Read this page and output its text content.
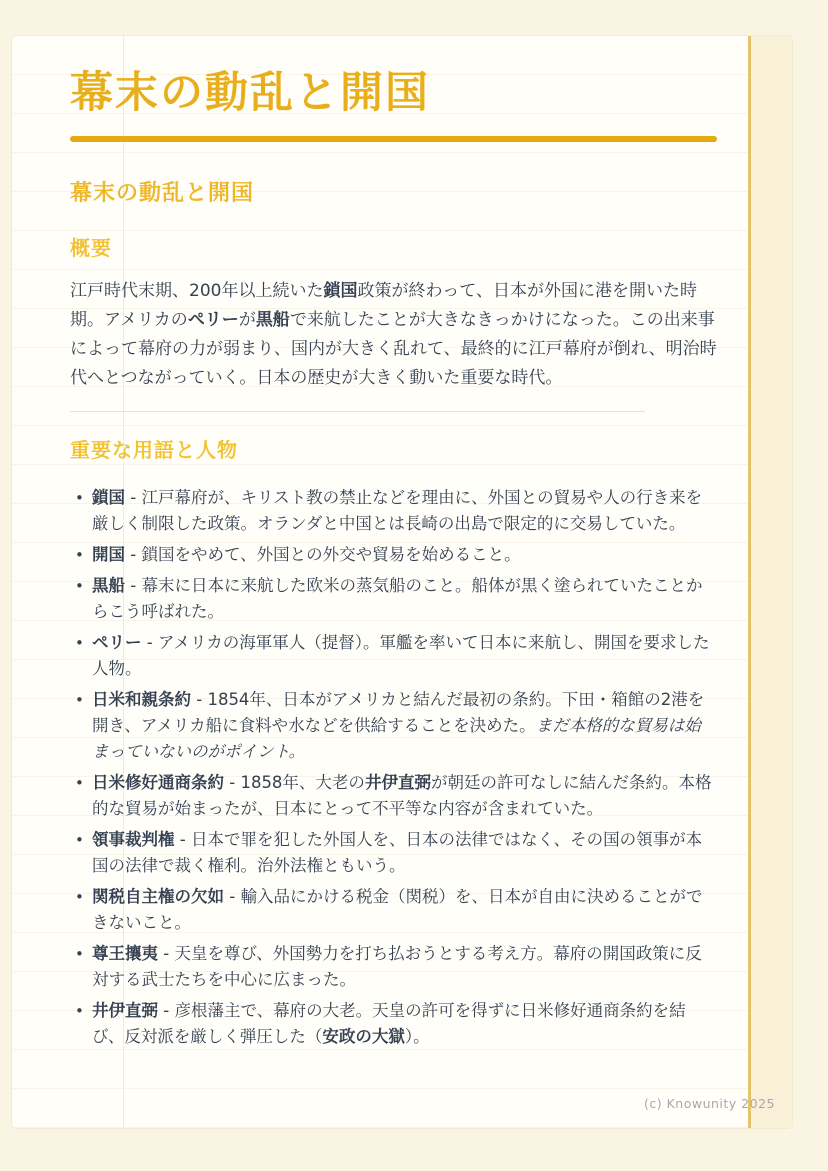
幕末の動乱と開国
幕末の動乱と開国
概要

江戸時代末期、200年以上続いた鎖国政策が終わって、日本が外国に港を開いた時期。アメリカのペリーが黒船で来航したことが大きなきっかけになった。この出来事によって幕府の力が弱まり、国内が大きく乱れて、最終的に江戸幕府が倒れ、明治時代へとつながっていく。日本の歴史が大きく動いた重要な時代。

重要な用語と人物
• 鎖国 - 江戸幕府が、キリスト教の禁止などを理由に、外国との貿易や人の行き来を厳しく制限した政策。オランダと中国とは長崎の出島で限定的に交易していた。
• 開国 - 鎖国をやめて、外国との外交や貿易を始めること。
• 黒船 - 幕末に日本に来航した欧米の蒸気船のこと。船体が黒く塗られていたことからこう呼ばれた。
• ペリー - アメリカの海軍軍人（提督）。軍艦を率いて日本に来航し、開国を要求した人物。
• 日米和親条約 - 1854年、日本がアメリカと結んだ最初の条約。下田・箱館の2港を開き、アメリカ船に食料や水などを供給することを決めた。まだ本格的な貿易は始まっていないのがポイント。
• 日米修好通商条約 - 1858年、大老の井伊直弼が朝廷の許可なしに結んだ条約。本格的な貿易が始まったが、日本にとって不平等な内容が含まれていた。
• 領事裁判権 - 日本で罪を犯した外国人を、日本の法律ではなく、その国の領事が本国の法律で裁く権利。治外法権ともいう。
• 関税自主権の欠如 - 輸入品にかける税金（関税）を、日本が自由に決めることができないこと。
• 尊王攘夷 - 天皇を尊び、外国勢力を打ち払おうとする考え方。幕府の開国政策に反対する武士たちを中心に広まった。
• 井伊直弼 - 彦根藩主で、幕府の大老。天皇の許可を得ずに日米修好通商条約を結び、反対派を厳しく弾圧した（安政の大獄）。
(c) Knowunity 2025
